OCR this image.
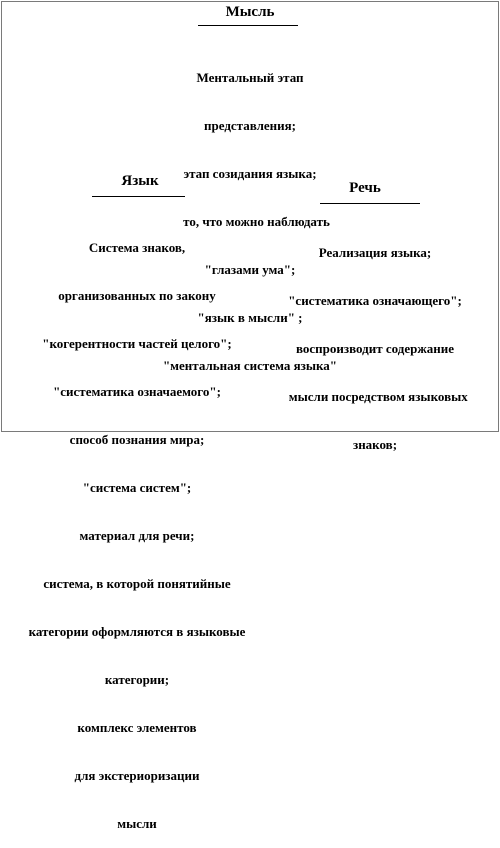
Мысль

Ментальный этап

представления;

этап созидания языка;

то, что можно наблюдать

"глазами ума";

"язык в мысли" ;

"ментальная система языка"

Язык

Система знаков,

организованных по закону

"когерентности частей целого";

"систематика означаемого";

способ познания мира;

"система систем";

материал для речи;

система, в которой понятийные

категории оформляются в языковые

категории;

комплекс элементов

для экстериоризации

мысли

Речь

Реализация языка;

"систематика означающего";

воспроизводит содержание

мысли посредством языковых

знаков;
